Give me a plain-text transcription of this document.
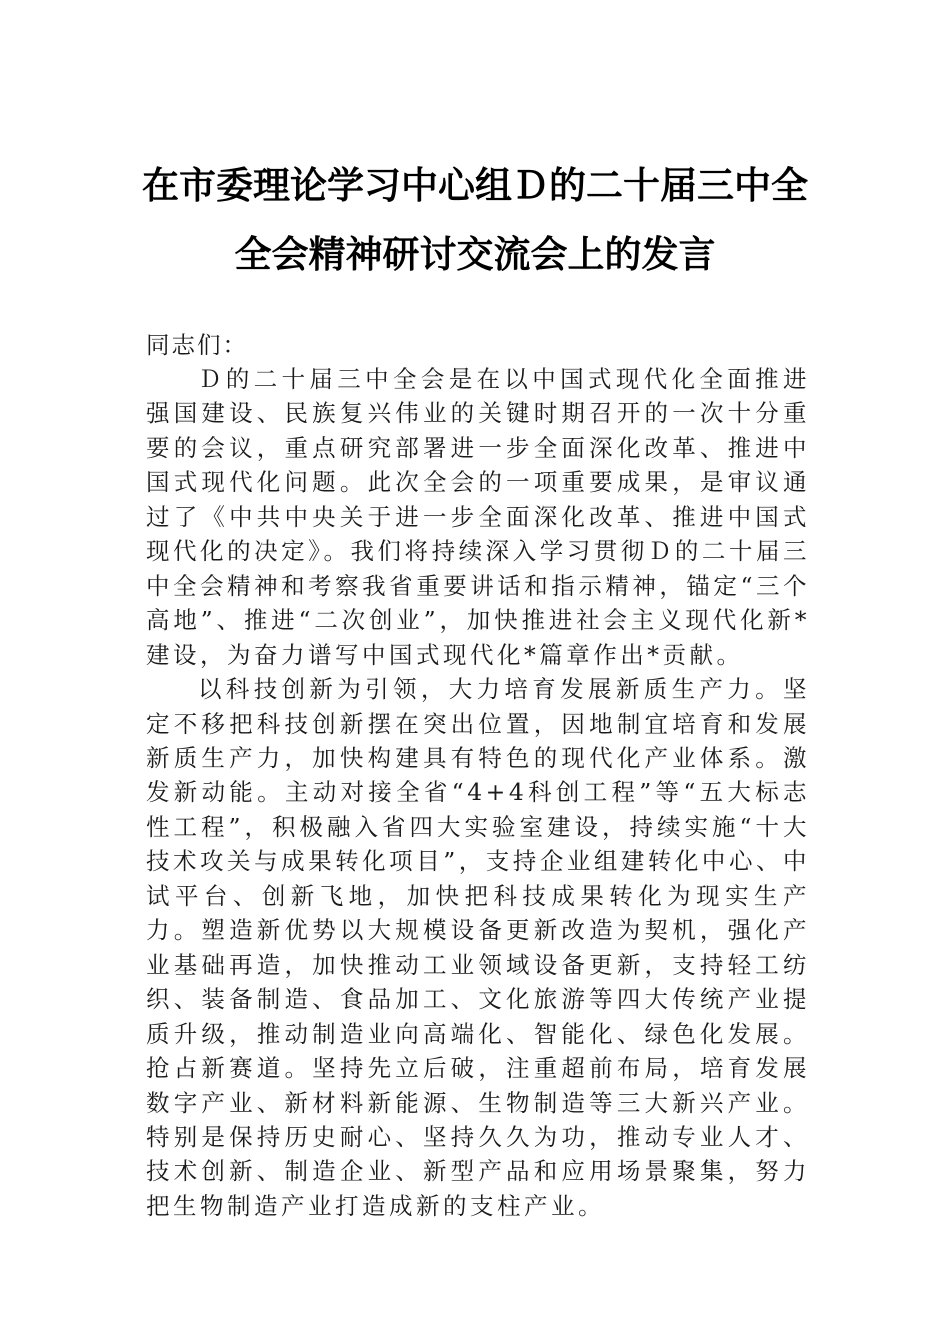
在市委理论学习中心组Ｄ的二十届三中全
全会精神研讨交流会上的发言
同志们：

Ｄ的二十届三中全会是在以中国式现代化全面推进强国建设、民族复兴伟业的关键时期召开的一次十分重要的会议，重点研究部署进一步全面深化改革、推进中国式现代化问题。此次全会的一项重要成果，是审议通过了《中共中央关于进一步全面深化改革、推进中国式现代化的决定》。我们将持续深入学习贯彻Ｄ的二十届三中全会精神和考察我省重要讲话和指示精神，锚定“三个高地”、推进“二次创业”，加快推进社会主义现代化新*建设，为奋力谱写中国式现代化*篇章作出*贡献。

以科技创新为引领，大力培育发展新质生产力。坚定不移把科技创新摆在突出位置，因地制宜培育和发展新质生产力，加快构建具有特色的现代化产业体系。激发新动能。主动对接全省“4+4科创工程”等“五大标志性工程”，积极融入省四大实验室建设，持续实施“十大技术攻关与成果转化项目”，支持企业组建转化中心、中试平台、创新飞地，加快把科技成果转化为现实生产力。塑造新优势以大规模设备更新改造为契机，强化产业基础再造，加快推动工业领域设备更新，支持轻工纺织、装备制造、食品加工、文化旅游等四大传统产业提质升级，推动制造业向高端化、智能化、绿色化发展。抢占新赛道。坚持先立后破，注重超前布局，培育发展数字产业、新材料新能源、生物制造等三大新兴产业。特别是保持历史耐心、坚持久久为功，推动专业人才、技术创新、制造企业、新型产品和应用场景聚集，努力把生物制造产业打造成新的支柱产业。
